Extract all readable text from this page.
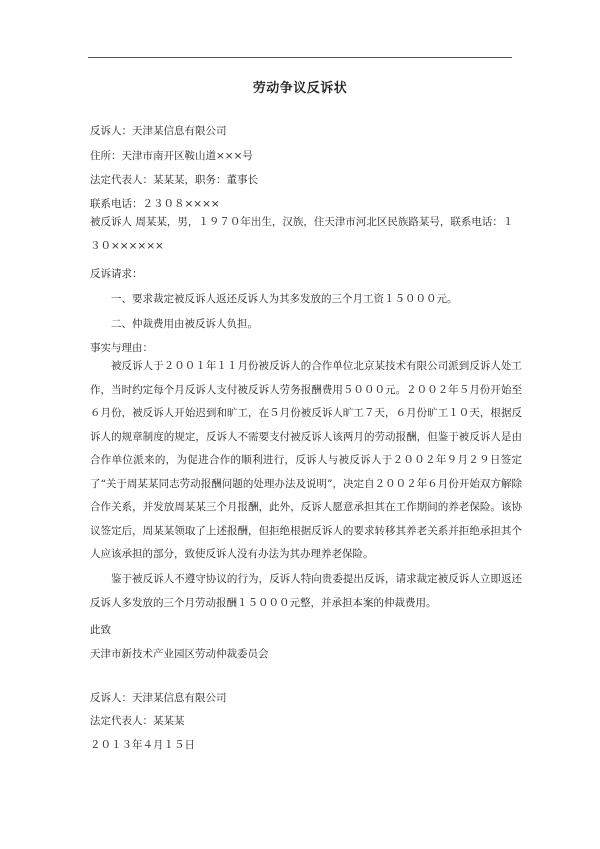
劳动争议反诉状
反诉人：天津某信息有限公司
住所：天津市南开区鞍山道×××号
法定代表人：某某某，职务：董事长
联系电话：２３０８××××
被反诉人 周某某，男，１９７０年出生，汉族，住天津市河北区民族路某号，联系电话：１３０××××××
反诉请求：
一、要求裁定被反诉人返还反诉人为其多发放的三个月工资１５０００元。
二、仲裁费用由被反诉人负担。
事实与理由：
被反诉人于２００１年１１月份被反诉人的合作单位北京某技术有限公司派到反诉人处工作，当时约定每个月反诉人支付被反诉人劳务报酬费用５０００元。２００２年５月份开始至６月份，被反诉人开始迟到和旷工，在５月份被反诉人旷工７天，６月份旷工１０天，根据反诉人的规章制度的规定，反诉人不需要支付被反诉人该两月的劳动报酬，但鉴于被反诉人是由合作单位派来的，为促进合作的顺利进行，反诉人与被反诉人于２００２年９月２９日签定了“关于周某某同志劳动报酬问题的处理办法及说明”，决定自２００２年６月份开始双方解除合作关系，并发放周某某三个月报酬，此外，反诉人愿意承担其在工作期间的养老保险。该协议签定后，周某某领取了上述报酬，但拒绝根据反诉人的要求转移其养老关系并拒绝承担其个人应该承担的部分，致使反诉人没有办法为其办理养老保险。
鉴于被反诉人不遵守协议的行为，反诉人特向贵委提出反诉，请求裁定被反诉人立即返还反诉人多发放的三个月劳动报酬１５０００元整，并承担本案的仲裁费用。
此致
天津市新技术产业园区劳动仲裁委员会
反诉人：天津某信息有限公司
法定代表人：某某某
２０１３年４月１５日
